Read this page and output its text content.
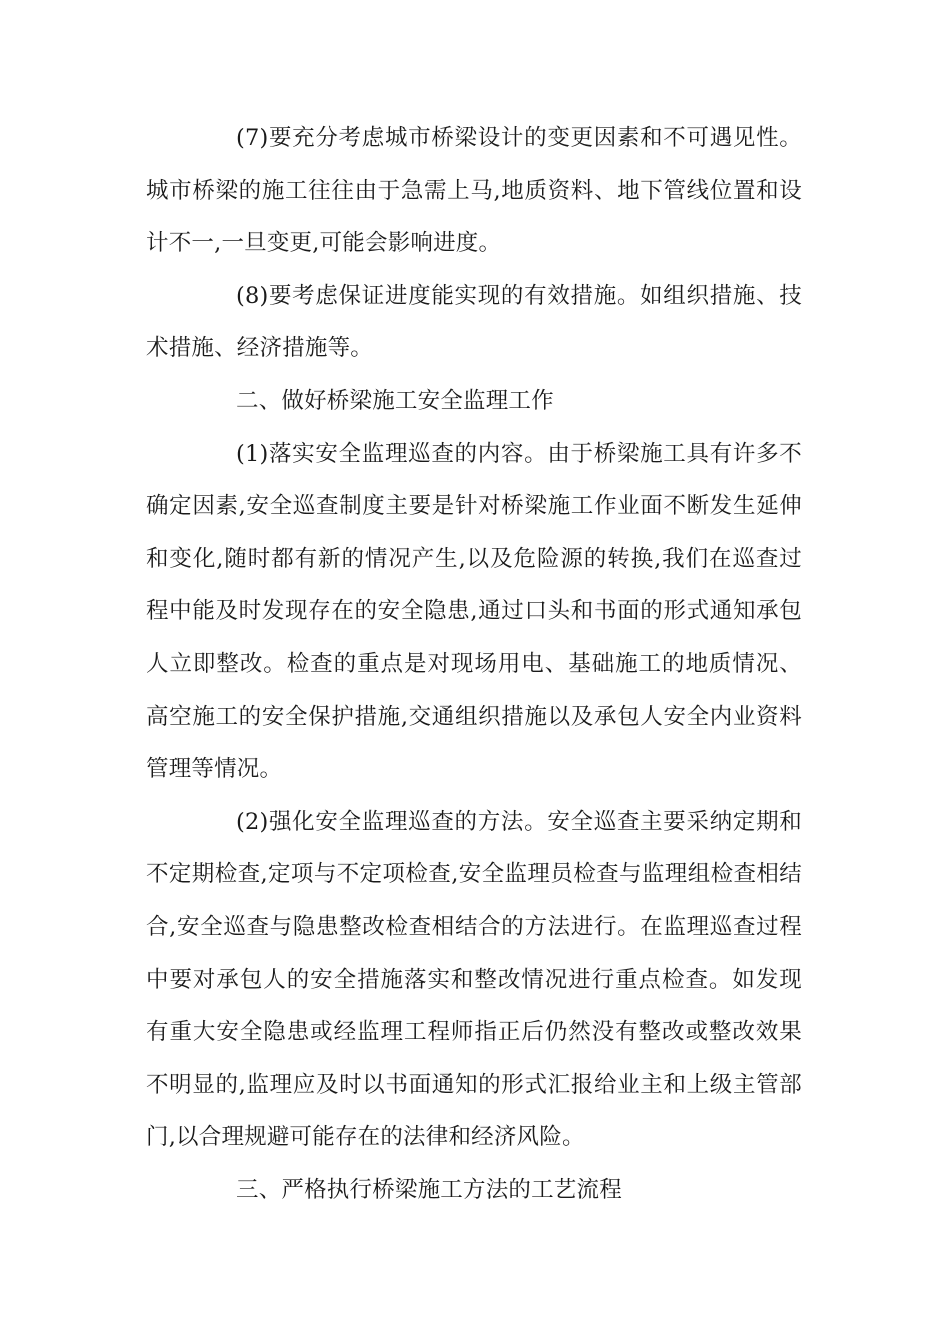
(7)要充分考虑城市桥梁设计的变更因素和不可遇见性。城市桥梁的施工往往由于急需上马,地质资料、地下管线位置和设计不一,一旦变更,可能会影响进度。

(8)要考虑保证进度能实现的有效措施。如组织措施、技术措施、经济措施等。

二、做好桥梁施工安全监理工作

(1)落实安全监理巡查的内容。由于桥梁施工具有许多不确定因素,安全巡查制度主要是针对桥梁施工作业面不断发生延伸和变化,随时都有新的情况产生,以及危险源的转换,我们在巡查过程中能及时发现存在的安全隐患,通过口头和书面的形式通知承包人立即整改。检查的重点是对现场用电、基础施工的地质情况、高空施工的安全保护措施,交通组织措施以及承包人安全内业资料管理等情况。

(2)强化安全监理巡查的方法。安全巡查主要采纳定期和不定期检查,定项与不定项检查,安全监理员检查与监理组检查相结合,安全巡查与隐患整改检查相结合的方法进行。在监理巡查过程中要对承包人的安全措施落实和整改情况进行重点检查。如发现有重大安全隐患或经监理工程师指正后仍然没有整改或整改效果不明显的,监理应及时以书面通知的形式汇报给业主和上级主管部门,以合理规避可能存在的法律和经济风险。

三、严格执行桥梁施工方法的工艺流程
